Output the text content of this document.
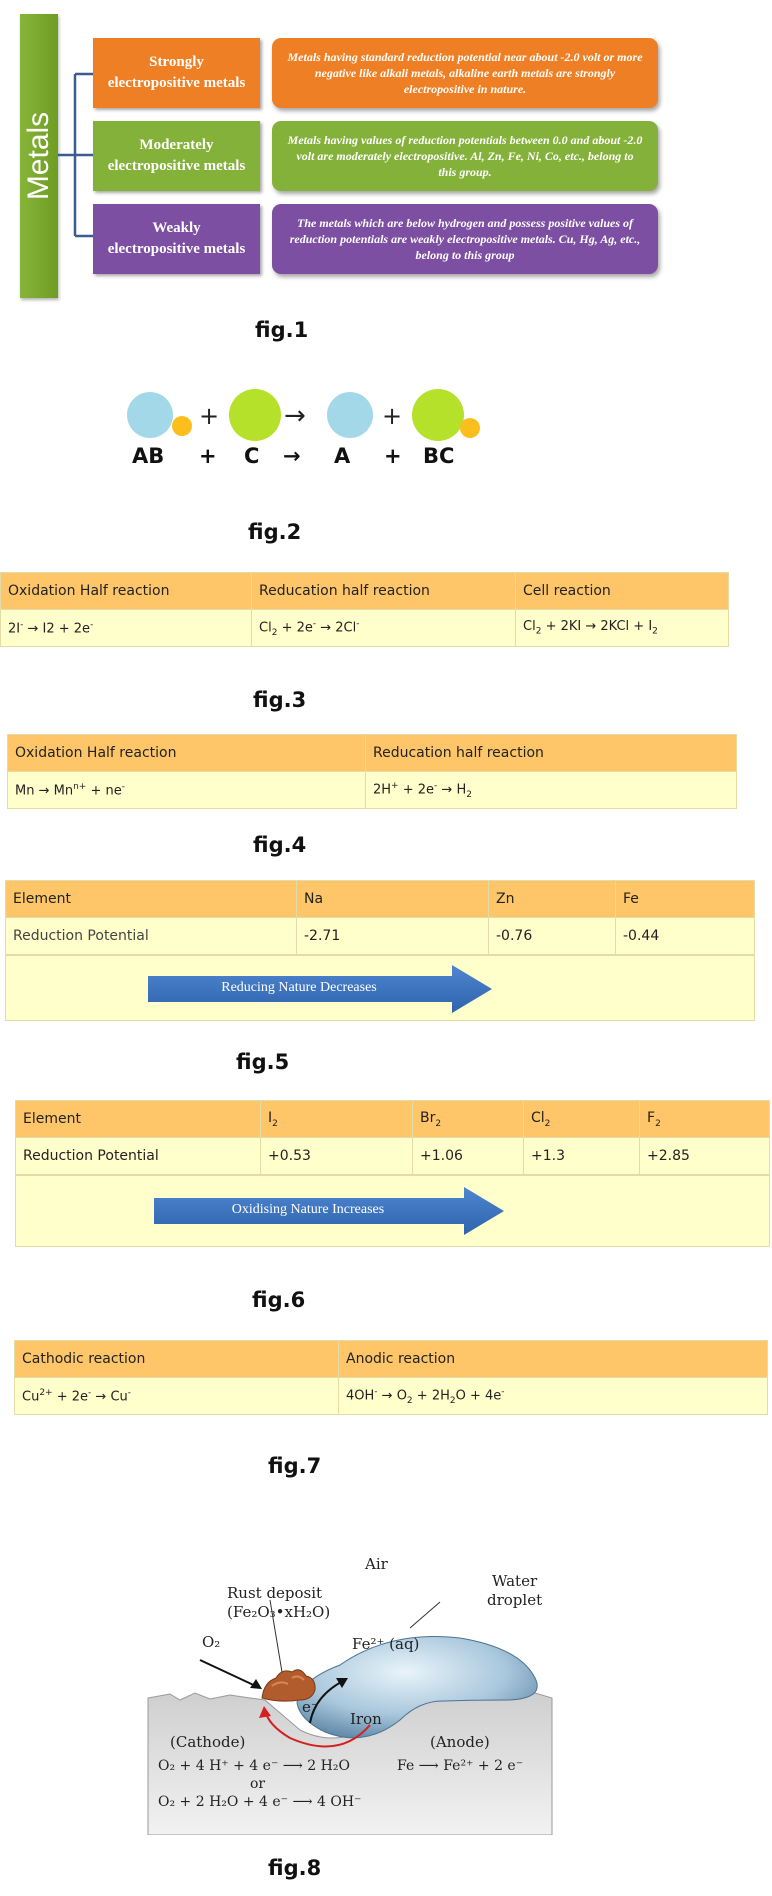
Metals
Strongly
electropositive metals
Metals having standard reduction potential near about -2.0 volt or more negative like alkali metals, alkaline earth metals are strongly electropositive in nature.
Moderately
electropositive metals
Metals having values of reduction potentials between 0.0 and about -2.0 volt are moderately electropositive. Al, Zn, Fe, Ni, Co, etc., belong to this group.
Weakly
electropositive metals
The metals which are below hydrogen and possess positive values of reduction potentials are weakly electropositive metals. Cu, Hg, Ag, etc., belong to this group
fig.1
+ →	+
AB + C → A + BC
fig.2
Oxidation Half reaction	Reducation half reaction	Cell reaction
2I- → I2 + 2e-	$Cl_2 + 2e^- \to 2Cl^-$	$Cl_2 + 2KI \to 2KCl + I_2$
fig.3
Oxidation Half reaction	Reducation half reaction
$Mn \to Mn^{n+} + ne^-$	$2H^+ + 2e^- \to H_2$
fig.4
Element	Na	Zn	Fe
Reduction Potential	-2.71	-0.76	-0.44
Reducing Nature Decreases
fig.5
Element	$I_2$	$Br_2$	$Cl_2$	$F_2$
Reduction Potential	+0.53	+1.06	+1.3	+2.85
Oxidising Nature Increases
fig.6
Cathodic reaction	Anodic reaction
$Cu^{2+} + 2e^- \to Cu^-$	$4OH^- \to O_2 + 2H_2O + 4e^-$
fig.7
Air
Rust deposit
(Fe₂O₃•xH₂O)
Water
droplet
O₂	Fe²⁺ (aq)
e⁻
Iron
(Cathode)	(Anode)
O₂ + 4 H⁺ + 4 e⁻ ⟶ 2 H₂O
or
O₂ + 2 H₂O + 4 e⁻ ⟶ 4 OH⁻
Fe ⟶ Fe²⁺ + 2 e⁻
fig.8
